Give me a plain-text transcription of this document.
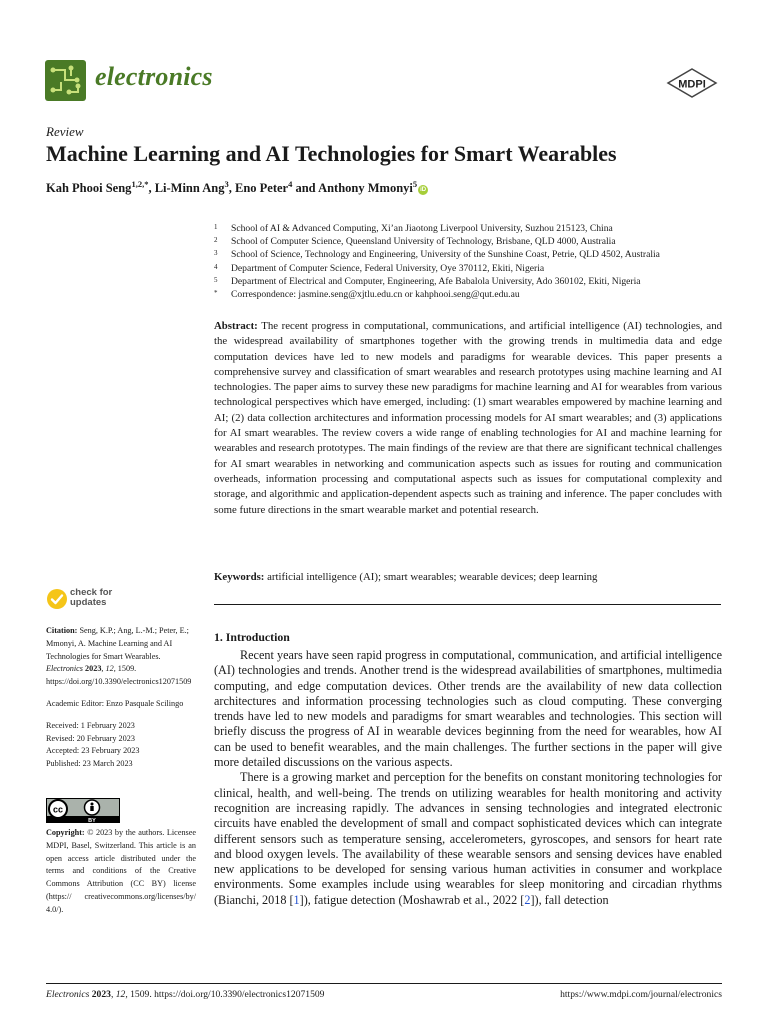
electronics	MDPI
Review
Machine Learning and AI Technologies for Smart Wearables
Kah Phooi Seng$^{1,2,*}$, Li-Minn Ang$^3$, Eno Peter$^4$ and Anthony Mmonyi$^5$iD
1	School of AI & Advanced Computing, Xi’an Jiaotong Liverpool University, Suzhou 215123, China
2	School of Computer Science, Queensland University of Technology, Brisbane, QLD 4000, Australia
3	School of Science, Technology and Engineering, University of the Sunshine Coast, Petrie, QLD 4502, Australia
4	Department of Computer Science, Federal University, Oye 370112, Ekiti, Nigeria
5	Department of Electrical and Computer, Engineering, Afe Babalola University, Ado 360102, Ekiti, Nigeria
*	Correspondence: jasmine.seng@xjtlu.edu.cn or kahphooi.seng@qut.edu.au
Abstract: The recent progress in computational, communications, and artificial intelligence (AI) technologies, and the widespread availability of smartphones together with the growing trends in multimedia data and edge computation devices have led to new models and paradigms for wearable devices. This paper presents a comprehensive survey and classification of smart wearables and research prototypes using machine learning and AI technologies. The paper aims to survey these new paradigms for machine learning and AI for wearables from various technological perspectives which have emerged, including: (1) smart wearables empowered by machine learning and AI; (2) data collection architectures and information processing models for AI smart wearables; and (3) applications for AI smart wearables. The review covers a wide range of enabling technologies for AI and machine learning for wearables and research prototypes. The main findings of the review are that there are significant technical challenges for AI smart wearables in networking and communication aspects such as issues for routing and communication overheads, information processing and computational aspects such as issues for computational complexity and storage, and algorithmic and application-dependent aspects such as training and inference. The paper concludes with some future directions in the smart wearable market and potential research.
Keywords: artificial intelligence (AI); smart wearables; wearable devices; deep learning
check for
updates
Citation: Seng, K.P.; Ang, L.-M.; Peter, E.; Mmonyi, A. Machine Learning and AI Technologies for Smart Wearables. Electronics 2023, 12, 1509. https://doi.org/10.3390/electronics12071509
Academic Editor: Enzo Pasquale Scilingo
Received: 1 February 2023
Revised: 20 February 2023
Accepted: 23 February 2023
Published: 23 March 2023
cc
BY
Copyright: © 2023 by the authors. Licensee MDPI, Basel, Switzerland. This article is an open access article distributed under the terms and conditions of the Creative Commons Attribution (CC BY) license (https:// creativecommons.org/licenses/by/ 4.0/).
1. Introduction

Recent years have seen rapid progress in computational, communication, and artificial intelligence (AI) technologies and trends. Another trend is the widespread availabilities of smartphones, multimedia computing, and edge computation devices. Other trends are the availability of new data collection architectures and information processing technologies such as cloud computing. These converging trends have led to new models and paradigms for smart wearables and technologies. This section will briefly discuss the progress of AI in wearable devices beginning from the need for wearables, how AI can be used to benefit wearables, and the main challenges. The further sections in the paper will give more detailed discussions on the various aspects.

There is a growing market and perception for the benefits on constant monitoring technologies for clinical, health, and well-being. The trends on utilizing wearables for health monitoring and activity recognition are increasing rapidly. The advances in sensing technologies and integrated electronic circuits have enabled the development of small and compact sophisticated devices which can integrate different sensors such as temperature sensing, accelerometers, gyroscopes, and sensors for heart rate and blood oxygen levels. The availability of these wearable sensors and sensing devices have enabled new applications to be developed for sensing various human activities in consumer and workplace environments. Some examples include using wearables for sleep monitoring and circadian rhythms (Bianchi, 2018 [1]), fatigue detection (Moshawrab et al., 2022 [2]), fall detection

Electronics 2023, 12, 1509. https://doi.org/10.3390/electronics12071509	https://www.mdpi.com/journal/electronics
